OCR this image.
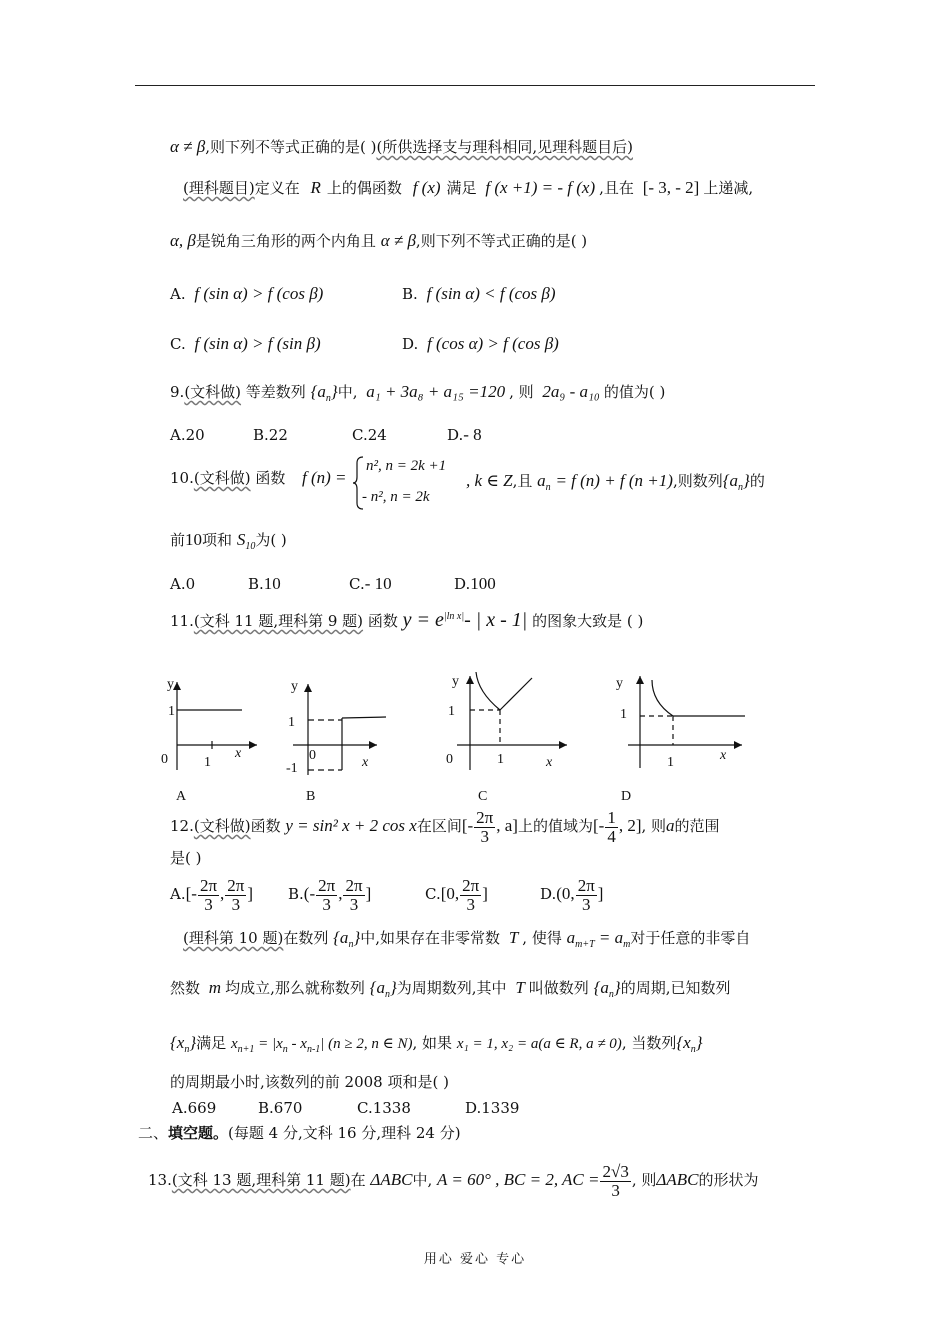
α ≠ β,则下列不等式正确的是( )(所供选择支与理科相同,见理科题目后)
(理科题目)定义在 R 上的偶函数 f (x) 满足 f (x +1) = - f (x) ,且在 [- 3, - 2] 上递减,
α, β是锐角三角形的两个内角且 α ≠ β,则下列不等式正确的是( )
A. f (sin α) > f (cos β)	B. f (sin α) < f (cos β)
C. f (sin α) > f (sin β)	D. f (cos α) > f (cos β)
9.(文科做) 等差数列 $\{a_n\}$中, a₁ + 3a₈ + a₁₅ =120 , 则 2a₉ - a₁₀ 的值为( )
A.20	B.22	C.24	D.- 8
10.(文科做) 函数 f (n) =
n², n = 2k +1
- n², n = 2k
, k ∈ Z,且 $a_n = f$ (n) + f (n +1),则数列$\{a_n\}$的
前10项和 $S_{10}$为( )
A.0	B.10	C.- 10	D.100
11.(文科 11 题,理科第 9 题) 函数 $y = e^{|ln x|}-$ | x - 1| 的图象大致是 ( )
y
1
0	1
x
A
y
1
0
-1	x
B
y
1
0	1	x
C
y
1
1	x
D
12.(文科做)函数 y = sin² x + 2 cos x在区间[- $\frac{2\pi}{3}$ , a]上的值域为[- $\frac{1}{4}$ , 2], 则a的范围
是( )
$A.[- \frac{2\pi}{3}$ , $\frac{2\pi}{3}$ ] $B.(- \frac{2\pi}{3}$ , $\frac{2\pi}{3}$ ]	C.[0, $\frac{2\pi}{3}$ ]	D.(0, $\frac{2\pi}{3}$ ]
(理科第 10 题)在数列 $\{a_n\}$中,如果存在非零常数 T , 使得 $a_{m+T} = a_m$对于任意的非零自
然数 m 均成立,那么就称数列 $\{a_n\}$为周期数列,其中 T 叫做数列 $\{a_n\}$的周期,已知数列
$\{x_n\}$满足 $x_{n+1} = |x_n - x_{n-1}|$ (n ≥ 2, n ∈ N), 如果 x₁ = 1, x₂ = a(a ∈ R, a ≠ 0), 当数列$\{x_n\}$
的周期最小时,该数列的前 2008 项和是( )
A.669	B.670	C.1338	D.1339
二、填空题。(每题 4 分,文科 16 分,理科 24 分)
13.(文科 13 题,理科第 11 题)在 ΔABC中, A = 60° , BC = 2, AC = $\frac{2√3}{3}$ , 则ΔABC的形状为
用心 爱心 专心
